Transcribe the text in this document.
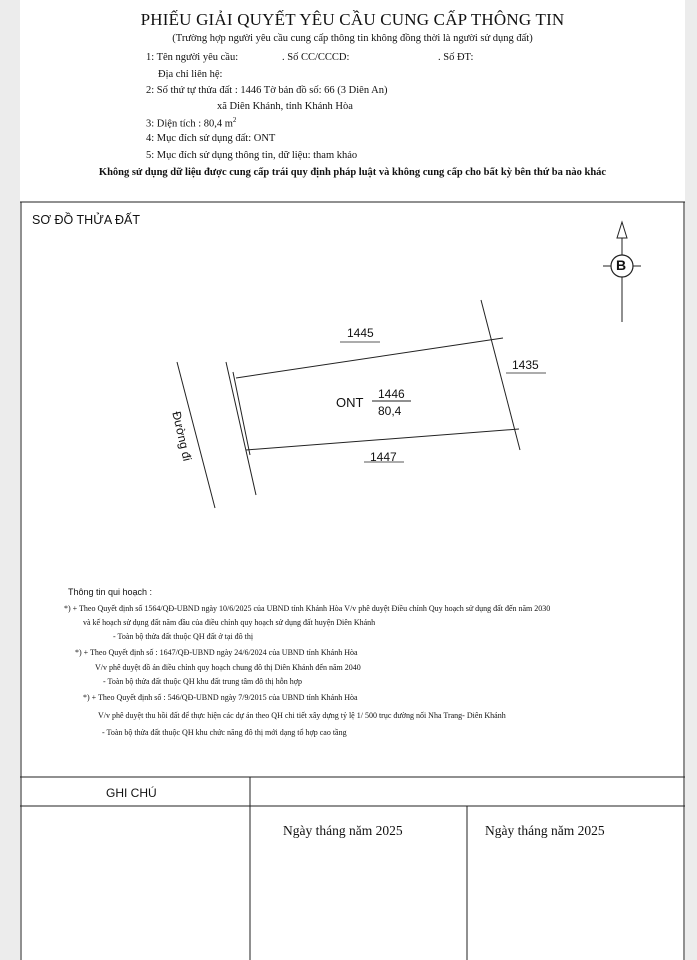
PHIẾU GIẢI QUYẾT YÊU CẦU CUNG CẤP THÔNG TIN
(Trường hợp người yêu cầu cung cấp thông tin không đồng thời là người sử dụng đất)
1: Tên người yêu cầu:	. Số CC/CCCD:	. Số ĐT:
Địa chỉ liên hệ:
2: Số thứ tự thửa đất : 1446 Tờ bản đồ số: 66 (3 Diên An)
xã Diên Khánh, tỉnh Khánh Hòa
3: Diện tích : 80,4 $m^2$
4: Mục đích sử dụng đất: ONT
5: Mục đích sử dụng thông tin, dữ liệu: tham khảo
Không sử dụng dữ liệu được cung cấp trái quy định pháp luật và không cung cấp cho bất kỳ bên thứ ba nào khác
SƠ ĐỒ THỬA ĐẤT
B
1445
1435
1447
ONT
1446
80,4
Đường đi
Thông tin qui hoạch :
*) + Theo Quyết định số 1564/QĐ-UBND ngày 10/6/2025 của UBND tỉnh Khánh Hòa V/v phê duyệt Điều chỉnh Quy hoạch sử dụng đất đến năm 2030
và kế hoạch sử dụng đất năm đầu của điều chỉnh quy hoạch sử dụng đất huyện Diên Khánh
- Toàn bộ thửa đất thuộc QH đất ở tại đô thị
*) + Theo Quyết định số : 1647/QĐ-UBND ngày 24/6/2024 của UBND tỉnh Khánh Hòa
V/v phê duyệt đồ án điều chỉnh quy hoạch chung đô thị Diên Khánh đến năm 2040
- Toàn bộ thửa đất thuộc QH khu đất trung tâm đô thị hỗn hợp
*) + Theo Quyết định số : 546/QĐ-UBND ngày 7/9/2015 của UBND tỉnh Khánh Hòa
V/v phê duyệt thu hồi đất để thực hiện các dự án theo QH chi tiết xây dựng tỷ lệ 1/ 500 trục đường nối Nha Trang- Diên Khánh
- Toàn bộ thửa đất thuộc QH khu chức năng đô thị mới dạng tổ hợp cao tầng
GHI CHÚ
Ngày tháng năm 2025	Ngày tháng năm 2025
